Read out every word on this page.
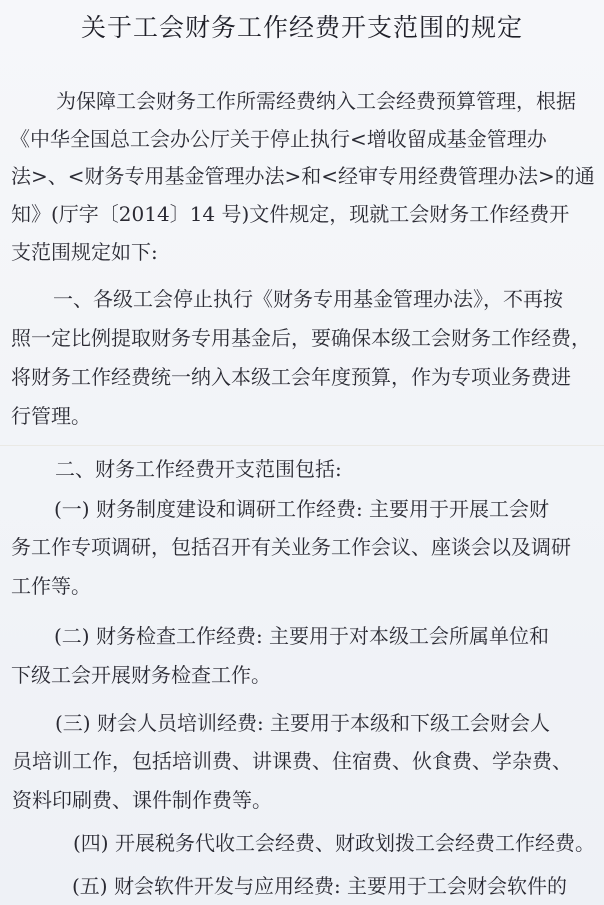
关于工会财务工作经费开支范围的规定
为保障工会财务工作所需经费纳入工会经费预算管理，根据
《中华全国总工会办公厅关于停止执行<增收留成基金管理办
法>、<财务专用基金管理办法>和<经审专用经费管理办法>的通
知》(厅字〔2014〕14 号)文件规定，现就工会财务工作经费开
支范围规定如下:
一、各级工会停止执行《财务专用基金管理办法》，不再按
照一定比例提取财务专用基金后，要确保本级工会财务工作经费，
将财务工作经费统一纳入本级工会年度预算，作为专项业务费进
行管理。
二、财务工作经费开支范围包括:
(一) 财务制度建设和调研工作经费: 主要用于开展工会财
务工作专项调研，包括召开有关业务工作会议、座谈会以及调研
工作等。
(二) 财务检查工作经费: 主要用于对本级工会所属单位和
下级工会开展财务检查工作。
(三) 财会人员培训经费: 主要用于本级和下级工会财会人
员培训工作，包括培训费、讲课费、住宿费、伙食费、学杂费、
资料印刷费、课件制作费等。
(四) 开展税务代收工会经费、财政划拨工会经费工作经费。
(五) 财会软件开发与应用经费: 主要用于工会财会软件的
